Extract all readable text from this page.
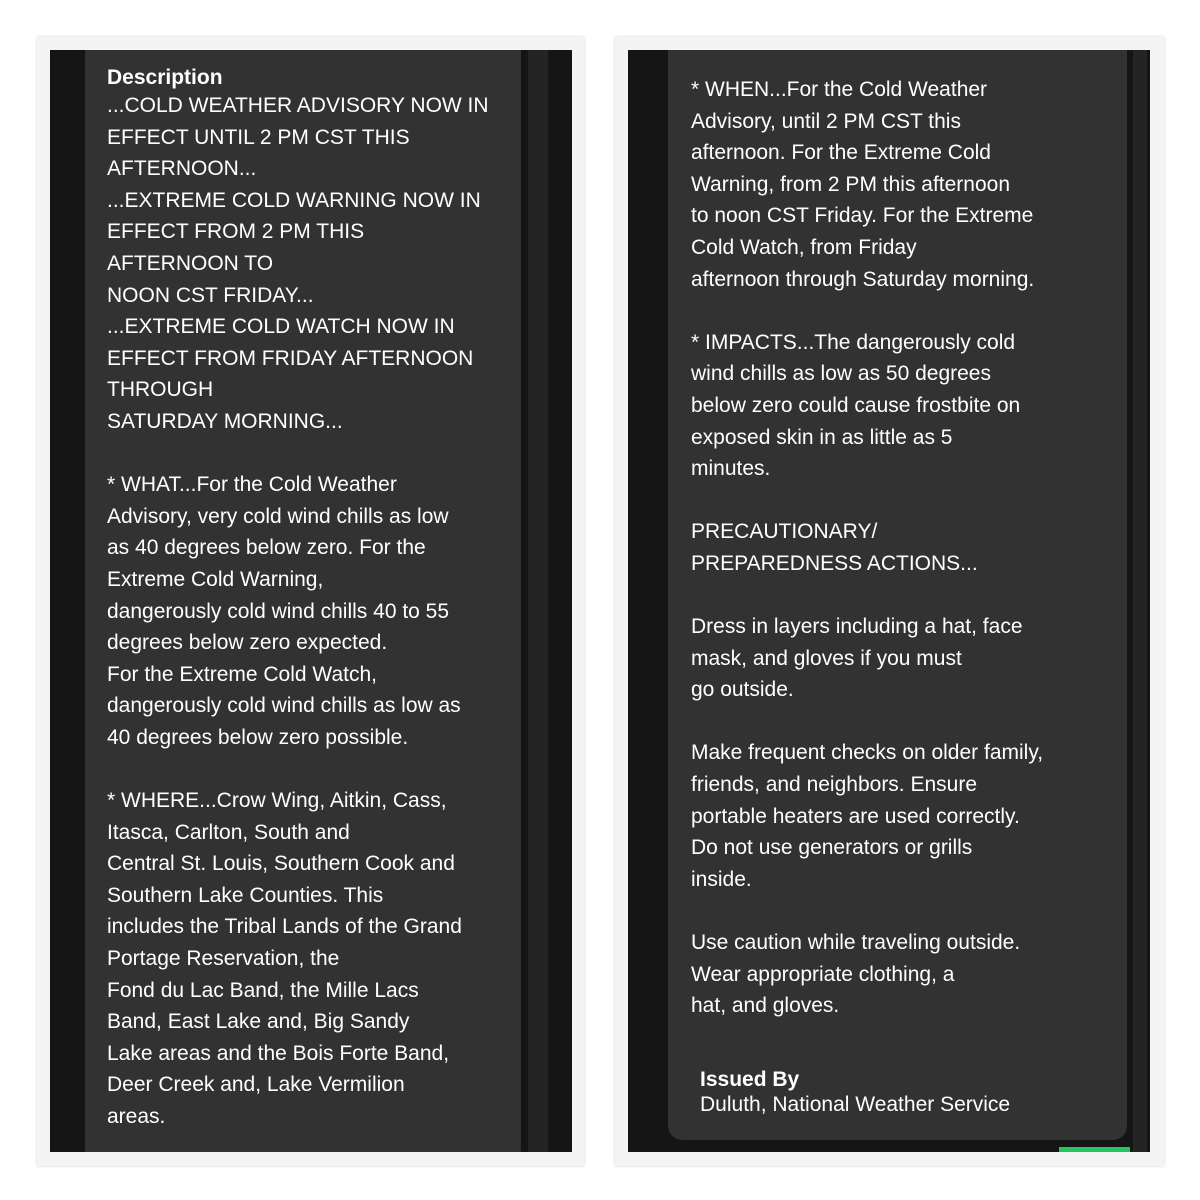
Description
...COLD WEATHER ADVISORY NOW IN
EFFECT UNTIL 2 PM CST THIS
AFTERNOON...
...EXTREME COLD WARNING NOW IN
EFFECT FROM 2 PM THIS
AFTERNOON TO
NOON CST FRIDAY...
...EXTREME COLD WATCH NOW IN
EFFECT FROM FRIDAY AFTERNOON
THROUGH
SATURDAY MORNING...

* WHAT...For the Cold Weather
Advisory, very cold wind chills as low
as 40 degrees below zero. For the
Extreme Cold Warning,
dangerously cold wind chills 40 to 55
degrees below zero expected.
For the Extreme Cold Watch,
dangerously cold wind chills as low as
40 degrees below zero possible.

* WHERE...Crow Wing, Aitkin, Cass,
Itasca, Carlton, South and
Central St. Louis, Southern Cook and
Southern Lake Counties. This
includes the Tribal Lands of the Grand
Portage Reservation, the
Fond du Lac Band, the Mille Lacs
Band, East Lake and, Big Sandy
Lake areas and the Bois Forte Band,
Deer Creek and, Lake Vermilion
areas.
* WHEN...For the Cold Weather
Advisory, until 2 PM CST this
afternoon. For the Extreme Cold
Warning, from 2 PM this afternoon
to noon CST Friday. For the Extreme
Cold Watch, from Friday
afternoon through Saturday morning.

* IMPACTS...The dangerously cold
wind chills as low as 50 degrees
below zero could cause frostbite on
exposed skin in as little as 5
minutes.

PRECAUTIONARY/
PREPAREDNESS ACTIONS...

Dress in layers including a hat, face
mask, and gloves if you must
go outside.

Make frequent checks on older family,
friends, and neighbors. Ensure
portable heaters are used correctly.
Do not use generators or grills
inside.

Use caution while traveling outside.
Wear appropriate clothing, a
hat, and gloves.
Issued By
Duluth, National Weather Service
